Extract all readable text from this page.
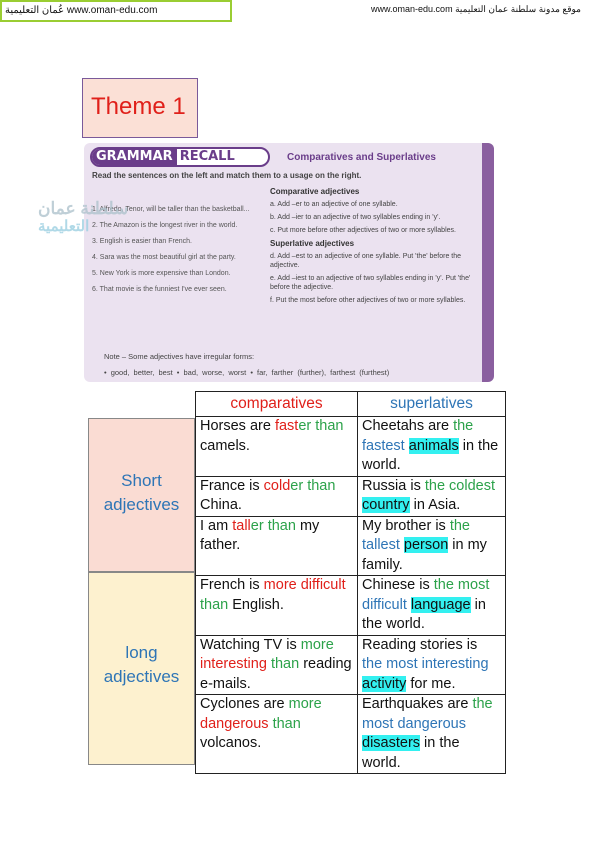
عُمان التعليمية www.oman-edu.com	www.oman-edu.com موقع مدونة سلطنة عمان التعليمية
Theme 1
GRAMMAR RECALL	Comparatives and Superlatives
Read the sentences on the left and match them to a usage on the right.
1. Alfredo, Tenor, will be taller than the basketball...
2. The Amazon is the longest river in the world.
3. English is easier than French.
4. Sara was the most beautiful girl at the party.
5. New York is more expensive than London.
6. That movie is the funniest I've ever seen.
Comparative adjectives
a. Add –er to an adjective of one syllable.
b. Add –ier to an adjective of two syllables ending in 'y'.
c. Put more before other adjectives of two or more syllables.
Superlative adjectives
d. Add –est to an adjective of one syllable. Put 'the' before the adjective.
e. Add –iest to an adjective of two syllables ending in 'y'. Put 'the' before the adjective.
f. Put the most before other adjectives of two or more syllables.
Note – Some adjectives have irregular forms:
• good, better, best • bad, worse, worst • far, farther (further), farthest (furthest)
سلطنة عمان
التعليمية
Short
adjectives
long
adjectives
comparatives	superlatives
Horses are faster than camels.	Cheetahs are the fastest animals in the world.
France is colder than China.	Russia is the coldest country in Asia.
I am taller than my father.	My brother is the tallest person in my family.
French is more difficult than English.	Chinese is the most difficult language in the world.
Watching TV is more interesting than reading e-mails.	Reading stories is the most interesting activity for me.
Cyclones are more dangerous than volcanos.	Earthquakes are the most dangerous disasters in the world.
